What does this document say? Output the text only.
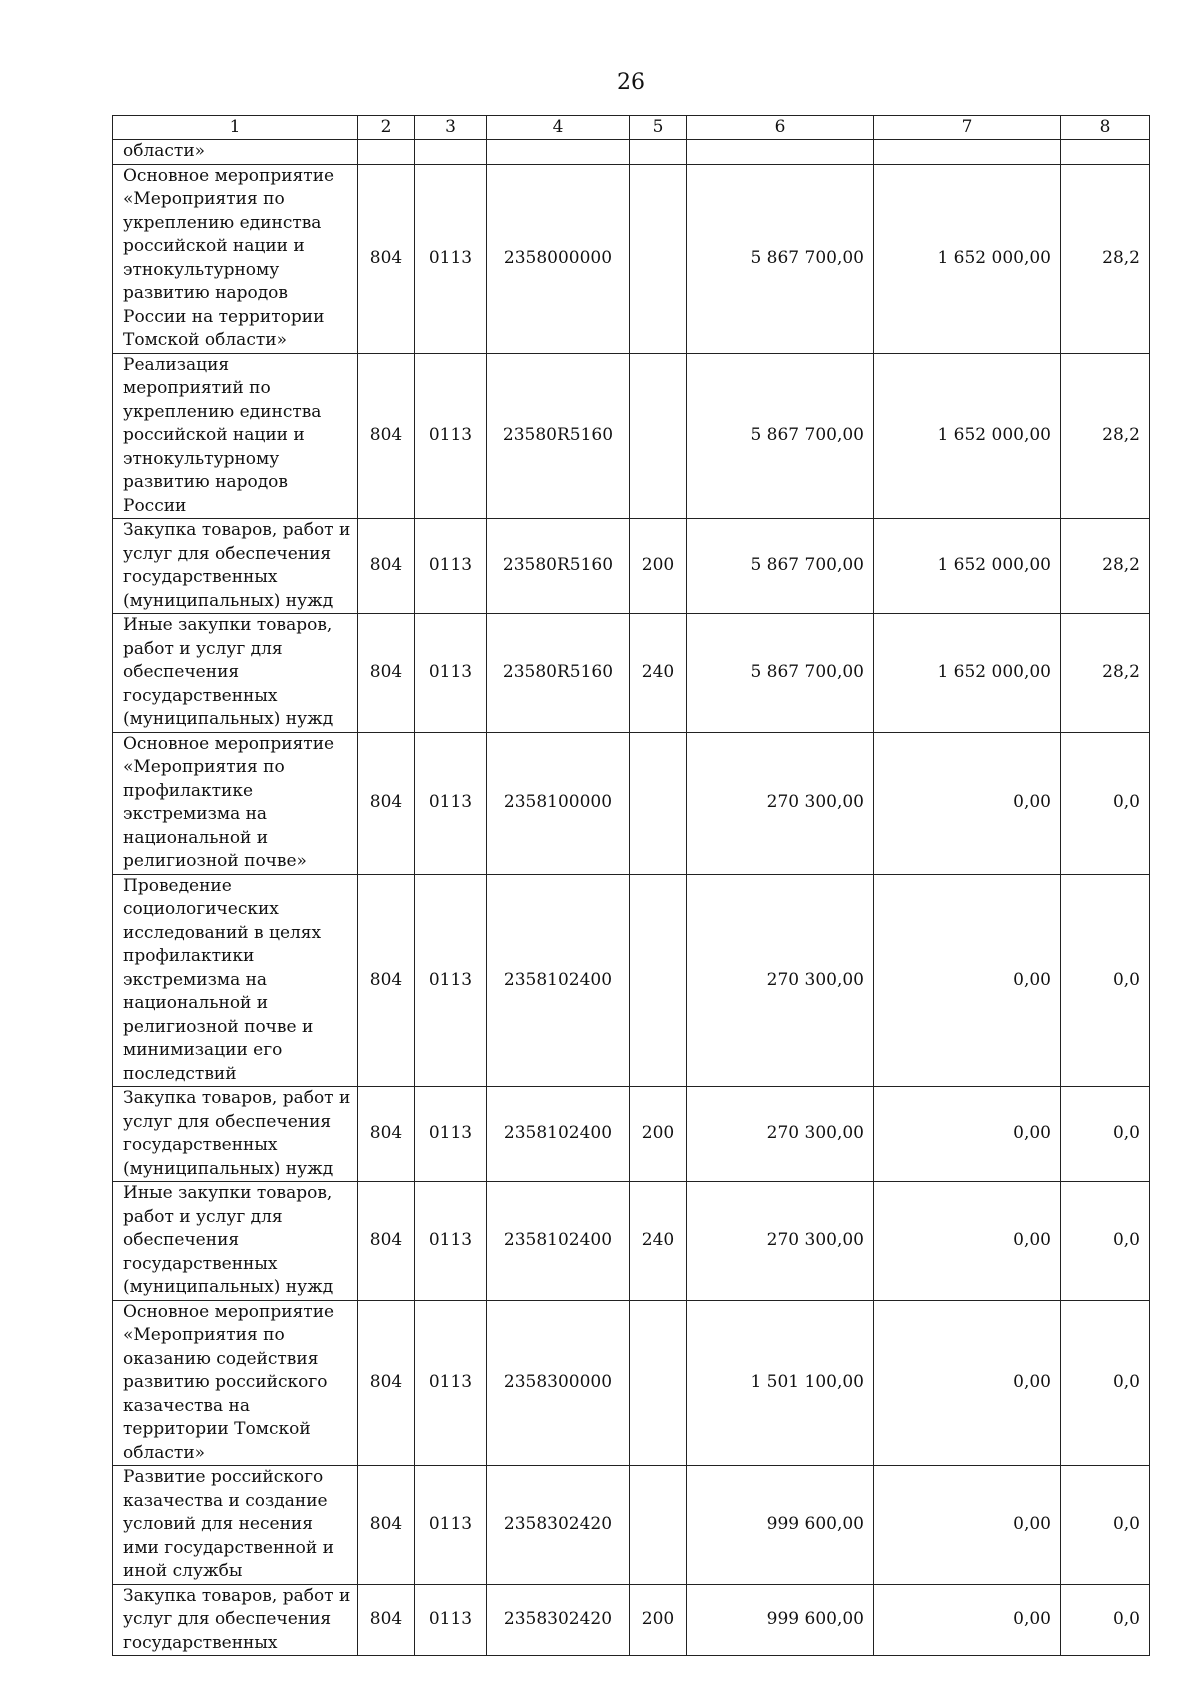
26
1	2	3	4	5	6	7	8
области»							
Основное мероприятие «Мероприятия по укреплению единства российской нации и этнокультурному развитию народов России на территории Томской области»	804	0113	2358000000		5 867 700,00	1 652 000,00	28,2
Реализация мероприятий по укреплению единства российской нации и этнокультурному развитию народов России	804	0113	23580R5160		5 867 700,00	1 652 000,00	28,2
Закупка товаров, работ и услуг для обеспечения государственных (муниципальных) нужд	804	0113	23580R5160	200	5 867 700,00	1 652 000,00	28,2
Иные закупки товаров, работ и услуг для обеспечения государственных (муниципальных) нужд	804	0113	23580R5160	240	5 867 700,00	1 652 000,00	28,2
Основное мероприятие «Мероприятия по профилактике экстремизма на национальной и религиозной почве»	804	0113	2358100000		270 300,00	0,00	0,0
Проведение социологических исследований в целях профилактики экстремизма на национальной и религиозной почве и минимизации его последствий	804	0113	2358102400		270 300,00	0,00	0,0
Закупка товаров, работ и услуг для обеспечения государственных (муниципальных) нужд	804	0113	2358102400	200	270 300,00	0,00	0,0
Иные закупки товаров, работ и услуг для обеспечения государственных (муниципальных) нужд	804	0113	2358102400	240	270 300,00	0,00	0,0
Основное мероприятие «Мероприятия по оказанию содействия развитию российского казачества на территории Томской области»	804	0113	2358300000		1 501 100,00	0,00	0,0
Развитие российского казачества и создание условий для несения ими государственной и иной службы	804	0113	2358302420		999 600,00	0,00	0,0
Закупка товаров, работ и услуг для обеспечения государственных	804	0113	2358302420	200	999 600,00	0,00	0,0
